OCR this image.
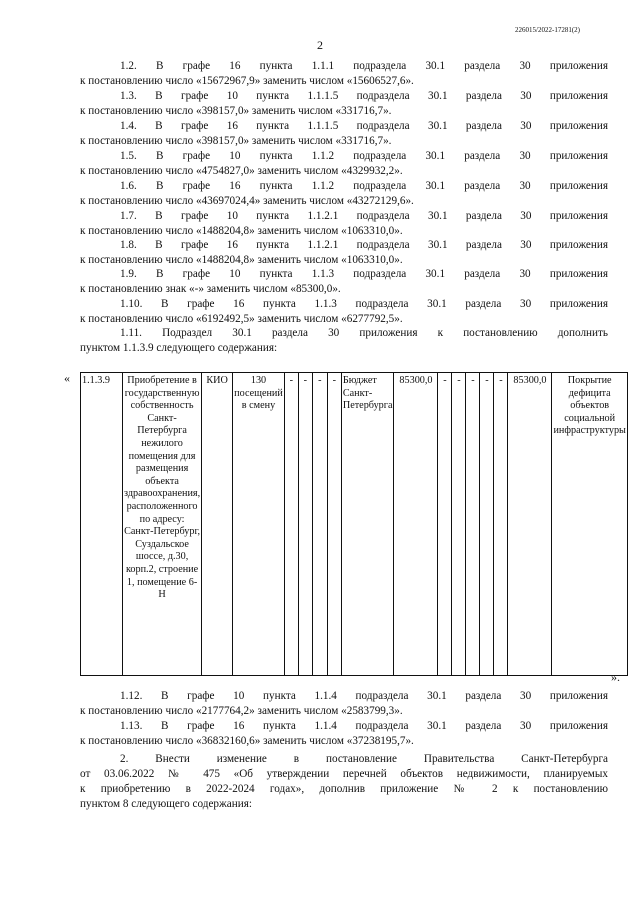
226015/2022-17281(2)
2
1.2. В графе 16 пункта 1.1.1 подраздела 30.1 раздела 30 приложения
к постановлению число «15672967,9» заменить числом «15606527,6».
1.3. В графе 10 пункта 1.1.1.5 подраздела 30.1 раздела 30 приложения
к постановлению число «398157,0» заменить числом «331716,7».
1.4. В графе 16 пункта 1.1.1.5 подраздела 30.1 раздела 30 приложения
к постановлению число «398157,0» заменить числом «331716,7».
1.5. В графе 10 пункта 1.1.2 подраздела 30.1 раздела 30 приложения
к постановлению число «4754827,0» заменить числом «4329932,2».
1.6. В графе 16 пункта 1.1.2 подраздела 30.1 раздела 30 приложения
к постановлению число «43697024,4» заменить числом «43272129,6».
1.7. В графе 10 пункта 1.1.2.1 подраздела 30.1 раздела 30 приложения
к постановлению число «1488204,8» заменить числом «1063310,0».
1.8. В графе 16 пункта 1.1.2.1 подраздела 30.1 раздела 30 приложения
к постановлению число «1488204,8» заменить числом «1063310,0».
1.9. В графе 10 пункта 1.1.3 подраздела 30.1 раздела 30 приложения
к постановлению знак «-» заменить числом «85300,0».
1.10. В графе 16 пункта 1.1.3 подраздела 30.1 раздела 30 приложения
к постановлению число «6192492,5» заменить числом «6277792,5».
1.11. Подраздел 30.1 раздела 30 приложения к постановлению дополнить
пунктом 1.1.3.9 следующего содержания:
« 1.1.3.9	Приобретение в государственную собственность Санкт-Петербурга нежилого помещения для размещения объекта здравоохранения, расположенного по адресу: Санкт-Петербург, Суздальское шоссе, д.30, корп.2, строение 1, помещение 6-Н	КИО	130 посещений в смену	-	-	-	-	Бюджет Санкт-Петербурга	85300,0	-	-	-	-	-	85300,0	Покрытие дефицита объектов социальной инфраструктуры
».
1.12. В графе 10 пункта 1.1.4 подраздела 30.1 раздела 30 приложения
к постановлению число «2177764,2» заменить числом «2583799,3».
1.13. В графе 16 пункта 1.1.4 подраздела 30.1 раздела 30 приложения
к постановлению число «36832160,6» заменить числом «37238195,7».
2. Внести изменение в постановление Правительства Санкт-Петербурга
от 03.06.2022 № 475 «Об утверждении перечней объектов недвижимости, планируемых
к приобретению в 2022-2024 годах», дополнив приложение № 2 к постановлению
пунктом 8 следующего содержания:
